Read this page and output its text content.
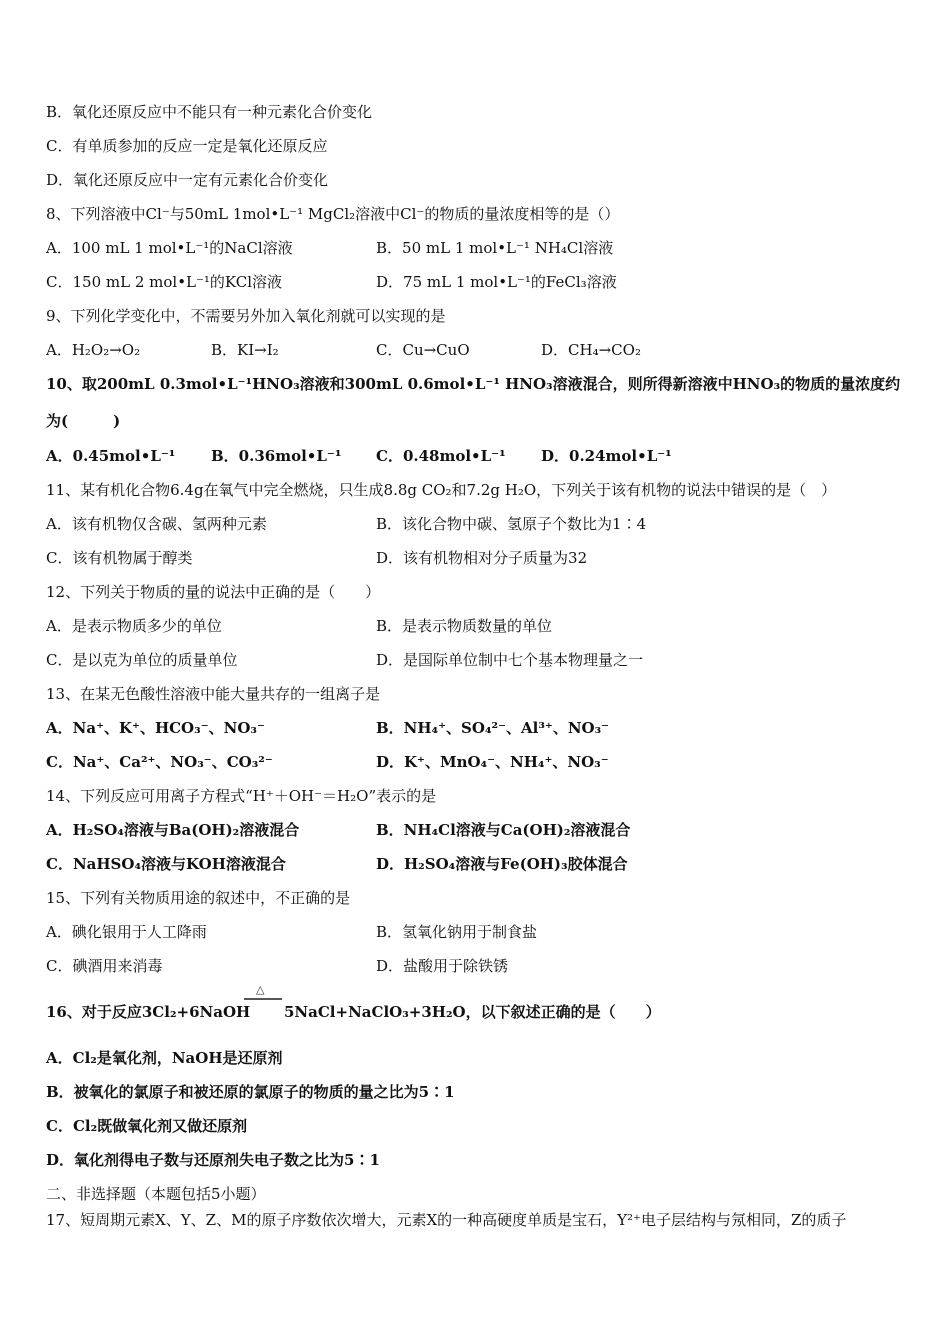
B．氧化还原反应中不能只有一种元素化合价变化
C．有单质参加的反应一定是氧化还原反应
D．氧化还原反应中一定有元素化合价变化
8、下列溶液中Cl⁻与50mL 1mol•L⁻¹ MgCl₂溶液中Cl⁻的物质的量浓度相等的是（）
A．100 mL 1 mol•L⁻¹的NaCl溶液	B．50 mL 1 mol•L⁻¹ NH₄Cl溶液
C．150 mL 2 mol•L⁻¹的KCl溶液	D．75 mL 1 mol•L⁻¹的FeCl₃溶液
9、下列化学变化中，不需要另外加入氧化剂就可以实现的是
A．H₂O₂→O₂	B．KI→I₂	C．Cu→CuO	D．CH₄→CO₂
10、取200mL 0.3mol•L⁻¹HNO₃溶液和300mL 0.6mol•L⁻¹ HNO₃溶液混合，则所得新溶液中HNO₃的物质的量浓度约
为(　　　)
A．0.45mol•L⁻¹ B．0.36mol•L⁻¹ C．0.48mol•L⁻¹ D．0.24mol•L⁻¹
11、某有机化合物6.4g在氧气中完全燃烧，只生成8.8g CO₂和7.2g H₂O，下列关于该有机物的说法中错误的是（　）
A．该有机物仅含碳、氢两种元素	B．该化合物中碳、氢原子个数比为1∶4
C．该有机物属于醇类	D．该有机物相对分子质量为32
12、下列关于物质的量的说法中正确的是（　　）
A．是表示物质多少的单位	B．是表示物质数量的单位
C．是以克为单位的质量单位	D．是国际单位制中七个基本物理量之一
13、在某无色酸性溶液中能大量共存的一组离子是
A．Na⁺、K⁺、HCO₃⁻、NO₃⁻	B．NH₄⁺、SO₄²⁻、Al³⁺、NO₃⁻
C．Na⁺、Ca²⁺、NO₃⁻、CO₃²⁻	D．K⁺、MnO₄⁻、NH₄⁺、NO₃⁻
14、下列反应可用离子方程式“H⁺＋OH⁻＝H₂O”表示的是
A．H₂SO₄溶液与Ba(OH)₂溶液混合	B．NH₄Cl溶液与Ca(OH)₂溶液混合
C．NaHSO₄溶液与KOH溶液混合	D．H₂SO₄溶液与Fe(OH)₃胶体混合
15、下列有关物质用途的叙述中，不正确的是
A．碘化银用于人工降雨	B．氢氧化钠用于制食盐
C．碘酒用来消毒	D．盐酸用于除铁锈
16、对于反应3Cl₂+6NaOH
△
5NaCl+NaClO₃+3H₂O，以下叙述正确的是（　　）
A．Cl₂是氧化剂，NaOH是还原剂
B．被氧化的氯原子和被还原的氯原子的物质的量之比为5∶1
C．Cl₂既做氧化剂又做还原剂
D．氧化剂得电子数与还原剂失电子数之比为5∶1
二、非选择题（本题包括5小题）
17、短周期元素X、Y、Z、M的原子序数依次增大，元素X的一种高硬度单质是宝石，Y²⁺电子层结构与氖相同，Z的质子
